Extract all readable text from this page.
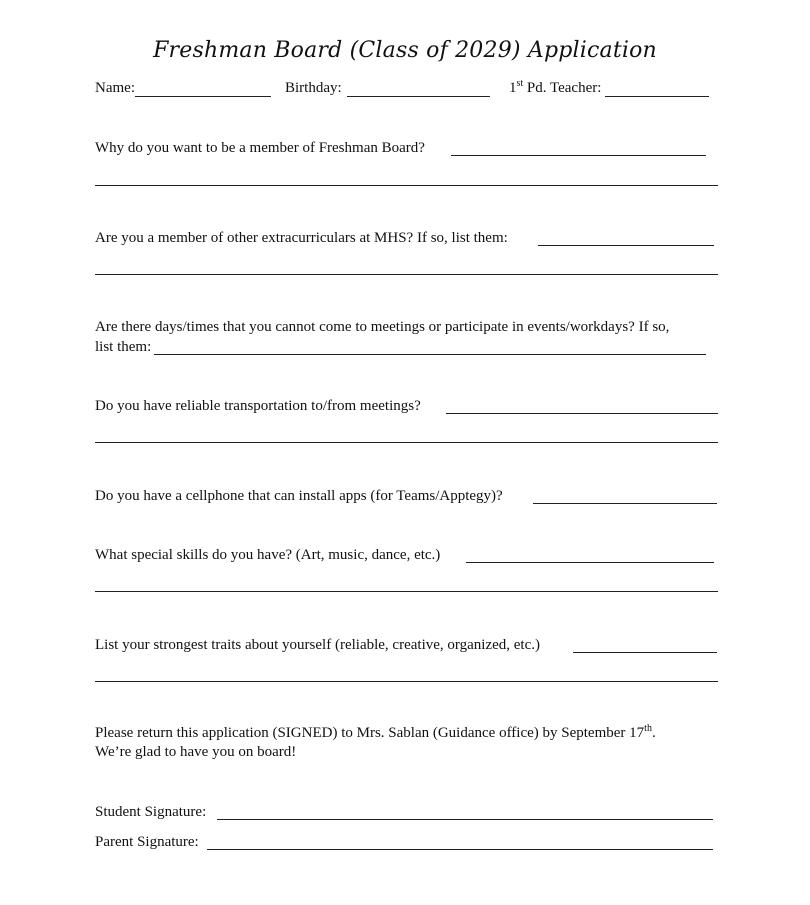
Freshman Board (Class of 2029) Application
Name:	Birthday:	1st Pd. Teacher:
Why do you want to be a member of Freshman Board?
Are you a member of other extracurriculars at MHS? If so, list them:
Are there days/times that you cannot come to meetings or participate in events/workdays? If so,
list them:
Do you have reliable transportation to/from meetings?
Do you have a cellphone that can install apps (for Teams/Apptegy)?
What special skills do you have? (Art, music, dance, etc.)
List your strongest traits about yourself (reliable, creative, organized, etc.)
Please return this application (SIGNED) to Mrs. Sablan (Guidance office) by September 17th.
We’re glad to have you on board!
Student Signature:
Parent Signature:
